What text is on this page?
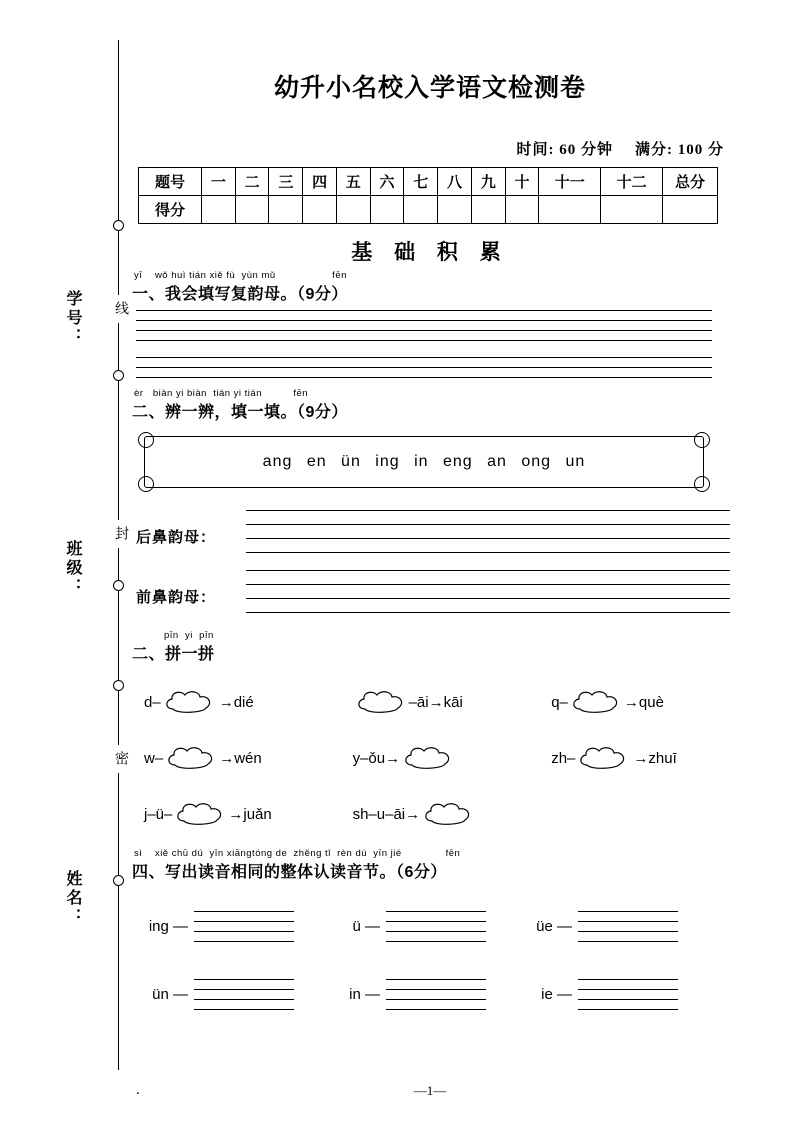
线
封
密
学号：
班级：
姓名：
幼升小名校入学语文检测卷
时间: 60 分钟 满分: 100 分
题号	一	二	三	四	五	六	七	八	九	十	十一	十二	总分
得分													
基 础 积 累
yī    wǒ huì tián xiě fù  yùn mǔ                  fēn
一、我会填写复韵母。（9分）
èr   biàn yi biàn  tián yi tián          fēn
二、辨一辨，填一填。（9分）
ang en ün ing in eng an ong un
后鼻韵母：
前鼻韵母：
pīn  yi  pīn
二、拼一拼
d–	→dié	–āi→kāi	q–	→què
w–	→wén	y–ǒu→	zh–	→zhuī
j–ü–	→juǎn	sh–u–āi→
sì    xiě chū dú  yīn xiāngtóng de  zhěng tǐ  rèn dú  yīn jié              fēn
四、写出读音相同的整体认读音节。（6分）
ing —	ü —	üe —
ün —	in —	ie —
.	—1—
